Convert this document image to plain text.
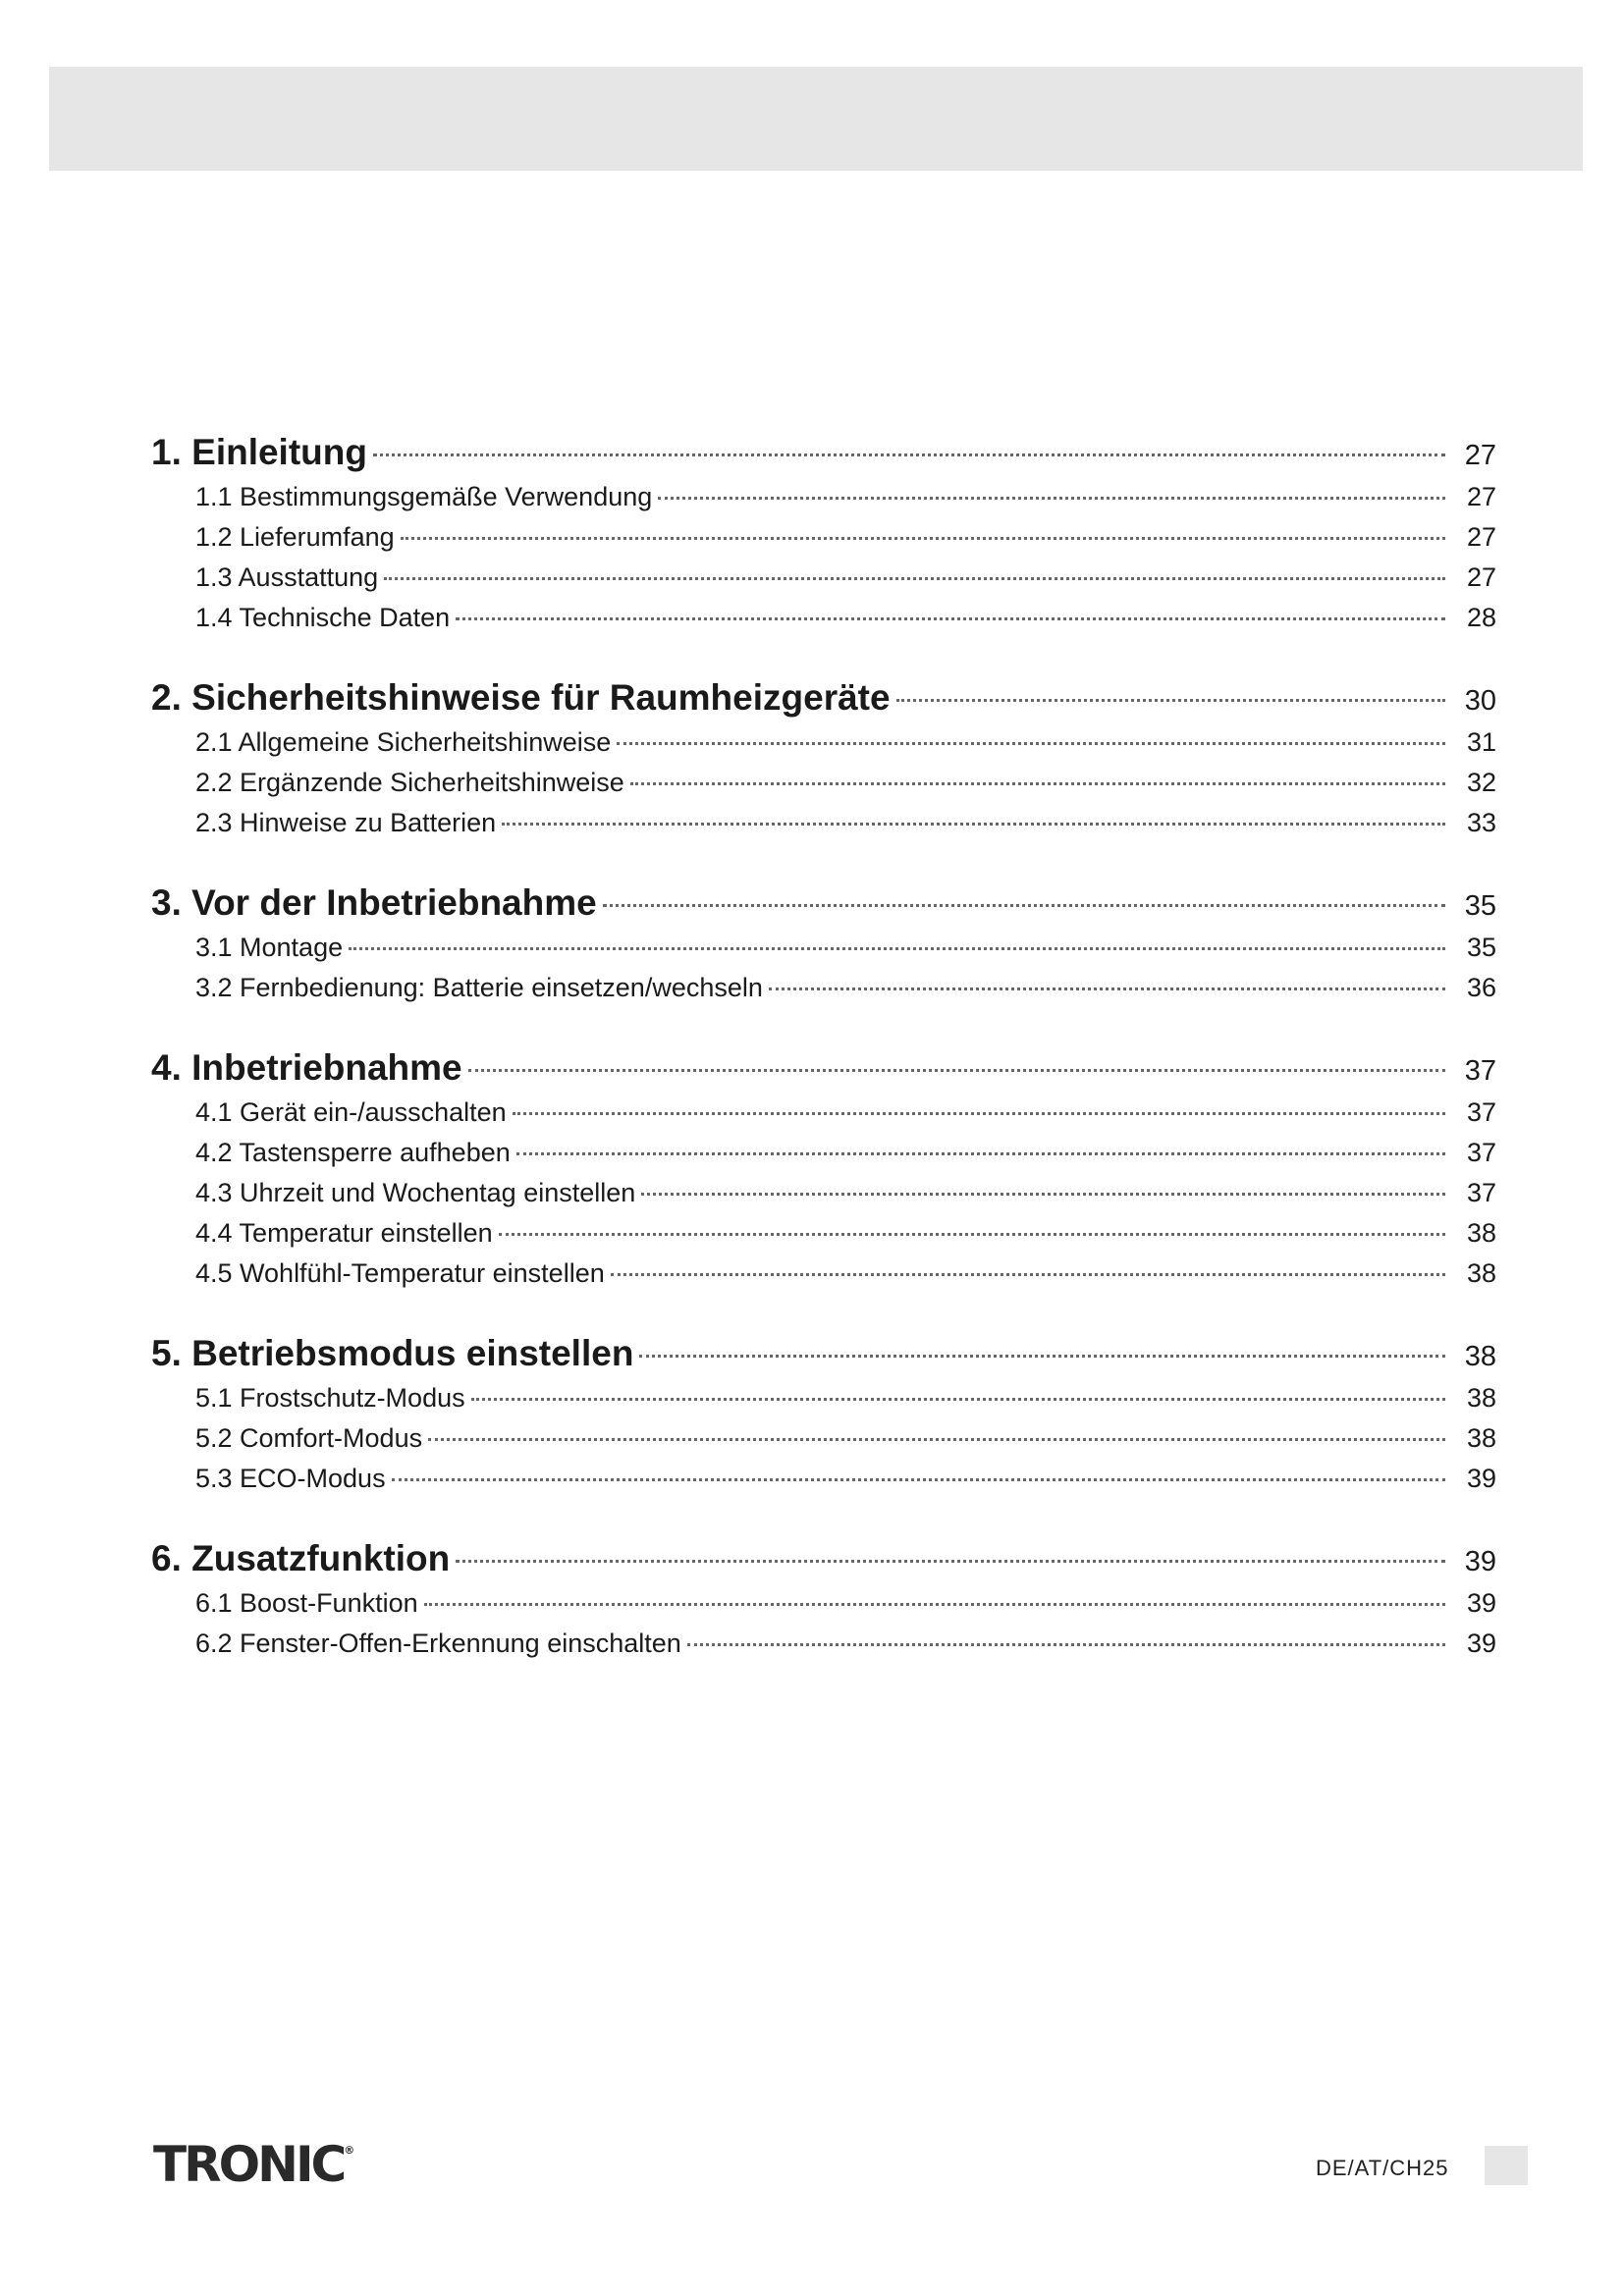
1. Einleitung	27
1.1 Bestimmungsgemäße Verwendung	27
1.2 Lieferumfang	27
1.3 Ausstattung	27
1.4 Technische Daten	28
2. Sicherheitshinweise für Raumheizgeräte	30
2.1 Allgemeine Sicherheitshinweise	31
2.2 Ergänzende Sicherheitshinweise	32
2.3 Hinweise zu Batterien	33
3. Vor der Inbetriebnahme	35
3.1 Montage	35
3.2 Fernbedienung: Batterie einsetzen/wechseln	36
4. Inbetriebnahme	37
4.1 Gerät ein-/ausschalten	37
4.2 Tastensperre aufheben	37
4.3 Uhrzeit und Wochentag einstellen	37
4.4 Temperatur einstellen	38
4.5 Wohlfühl-Temperatur einstellen	38
5. Betriebsmodus einstellen	38
5.1 Frostschutz-Modus	38
5.2 Comfort-Modus	38
5.3 ECO-Modus	39
6. Zusatzfunktion	39
6.1 Boost-Funktion	39
6.2 Fenster-Offen-Erkennung einschalten	39
TRONIC®
DE/AT/CH25
